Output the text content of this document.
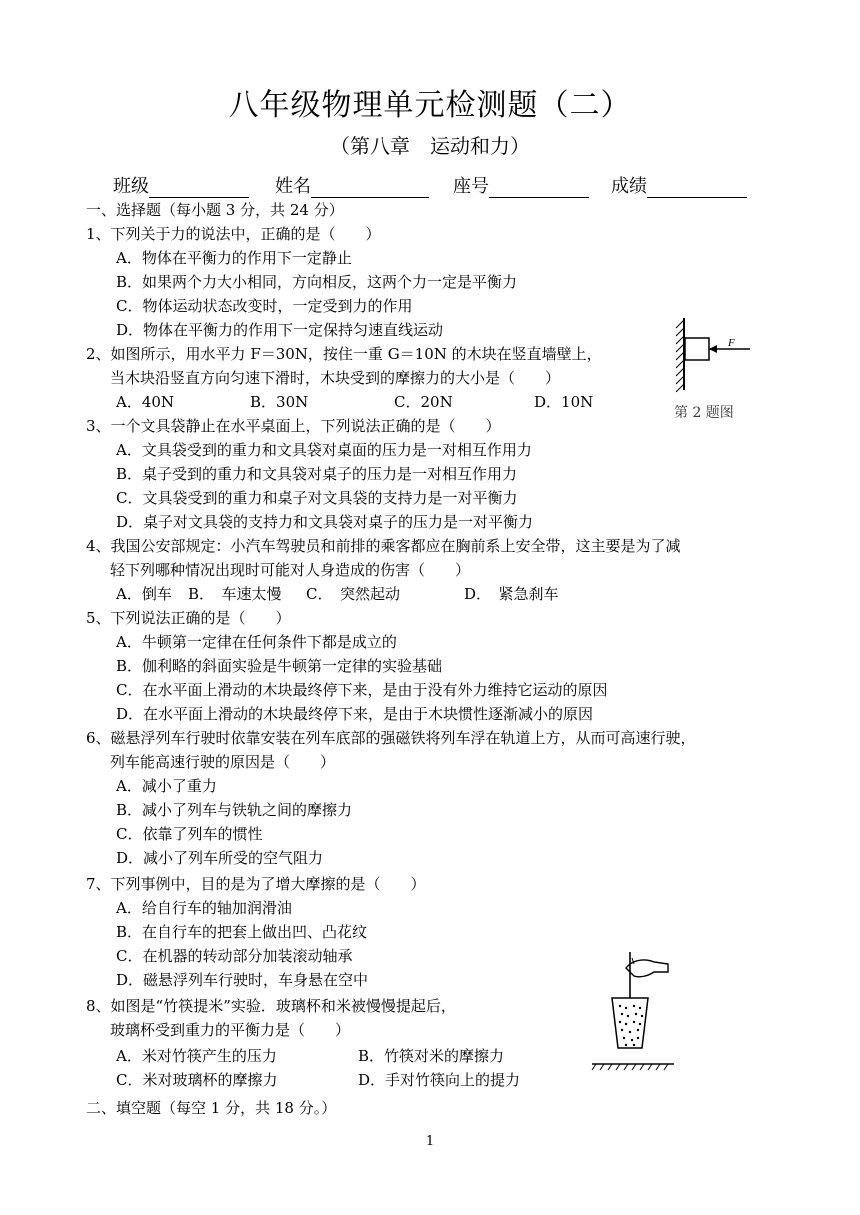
八年级物理单元检测题（二）
（第八章　运动和力）
班级	姓名	座号	成绩
一、选择题（每小题 3 分，共 24 分）
1、下列关于力的说法中，正确的是（　　）
A．物体在平衡力的作用下一定静止
B．如果两个力大小相同，方向相反，这两个力一定是平衡力
C．物体运动状态改变时，一定受到力的作用
D．物体在平衡力的作用下一定保持匀速直线运动
2、如图所示，用水平力 F＝30N，按住一重 G＝10N 的木块在竖直墙壁上，
当木块沿竖直方向匀速下滑时，木块受到的摩擦力的大小是（　　）
A．40N	B．30N	C．20N	D．10N
F
第 2 题图
3、一个文具袋静止在水平桌面上，下列说法正确的是（　　）
A．文具袋受到的重力和文具袋对桌面的压力是一对相互作用力
B．桌子受到的重力和文具袋对桌子的压力是一对相互作用力
C．文具袋受到的重力和桌子对文具袋的支持力是一对平衡力
D．桌子对文具袋的支持力和文具袋对桌子的压力是一对平衡力
4、我国公安部规定：小汽车驾驶员和前排的乘客都应在胸前系上安全带，这主要是为了减
轻下列哪种情况出现时可能对人身造成的伤害（　　）
A．倒车 B．　车速太慢 C．　突然起动	D．　紧急刹车
5、下列说法正确的是（　　）
A．牛顿第一定律在任何条件下都是成立的
B．伽利略的斜面实验是牛顿第一定律的实验基础
C．在水平面上滑动的木块最终停下来，是由于没有外力维持它运动的原因
D．在水平面上滑动的木块最终停下来，是由于木块惯性逐渐减小的原因
6、磁悬浮列车行驶时依靠安装在列车底部的强磁铁将列车浮在轨道上方，从而可高速行驶，
列车能高速行驶的原因是（　　）
A．减小了重力
B．减小了列车与铁轨之间的摩擦力
C．依靠了列车的惯性
D．减小了列车所受的空气阻力
7、下列事例中，目的是为了增大摩擦的是（　　）
A．给自行车的轴加润滑油
B．在自行车的把套上做出凹、凸花纹
C．在机器的转动部分加装滚动轴承
D．磁悬浮列车行驶时，车身悬在空中
8、如图是“竹筷提米”实验．玻璃杯和米被慢慢提起后，
玻璃杯受到重力的平衡力是（　　）
A．米对竹筷产生的压力	B．竹筷对米的摩擦力
C．米对玻璃杯的摩擦力	D．手对竹筷向上的提力
二、填空题（每空 1 分，共 18 分。）
1
